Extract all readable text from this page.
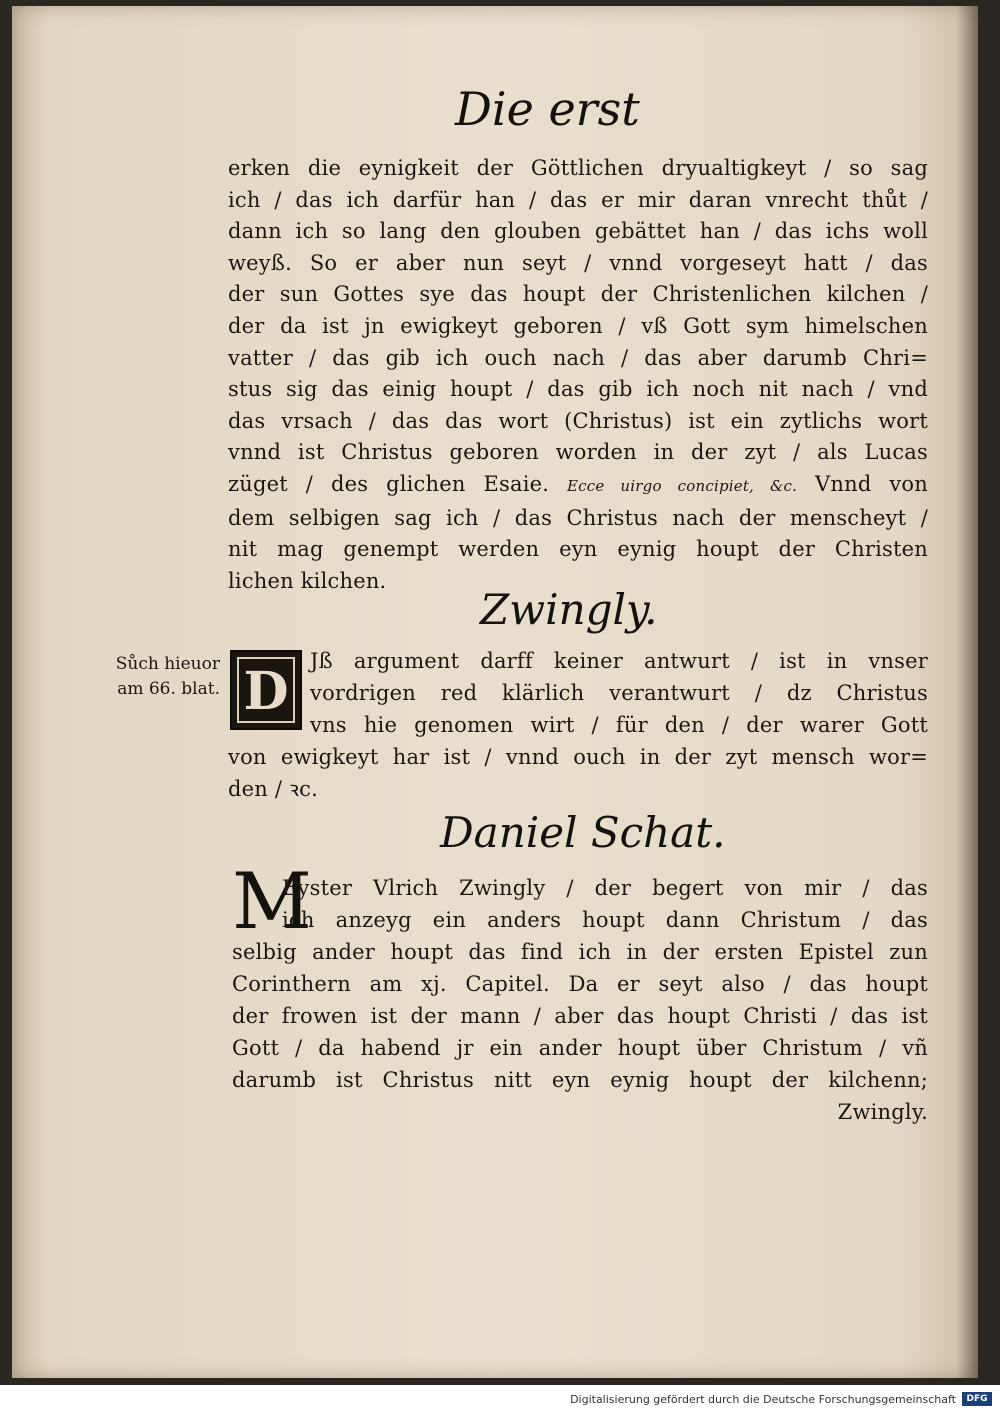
Die erst
erken die eynigkeit der Göttlichen dryualtigkeyt / so sag
ich / das ich darfür han / das er mir daran vnrecht thůt /
dann ich so lang den glouben gebättet han / das ichs woll
weyß. So er aber nun seyt / vnnd vorgeseyt hatt / das
der sun Gottes sye das houpt der Christenlichen kilchen /
der da ist jn ewigkeyt geboren / vß Gott sym himelschen
vatter / das gib ich ouch nach / das aber darumb Chri=
stus sig das einig houpt / das gib ich noch nit nach / vnd
das vrsach / das das wort (Christus) ist ein zytlichs wort
vnnd ist Christus geboren worden in der zyt / als Lucas
züget / des glichen Esaie. Ecce uirgo concipiet, &c. Vnnd von
dem selbigen sag ich / das Christus nach der menscheyt /
nit mag genempt werden eyn eynig houpt der Christen
lichen kilchen.
Zwingly.
Sůch hieuor
am 66. blat. D	Jß argument darff keiner antwurt / ist in vnser
vordrigen red klärlich verantwurt / dz Christus
vns hie genomen wirt / für den / der warer Gott
von ewigkeyt har ist / vnnd ouch in der zyt mensch wor=
den / ꝛc.
Daniel Schat.
M
Eyster Vlrich Zwingly / der begert von mir / das
ich anzeyg ein anders houpt dann Christum / das
selbig ander houpt das find ich in der ersten Epistel zun
Corinthern am xj. Capitel. Da er seyt also / das houpt
der frowen ist der mann / aber das houpt Christi / das ist
Gott / da habend jr ein ander houpt über Christum / vñ
darumb ist Christus nitt eyn eynig houpt der kilchenn;
Zwingly.
Digitalisierung gefördert durch die Deutsche Forschungsgemeinschaft	DFG
